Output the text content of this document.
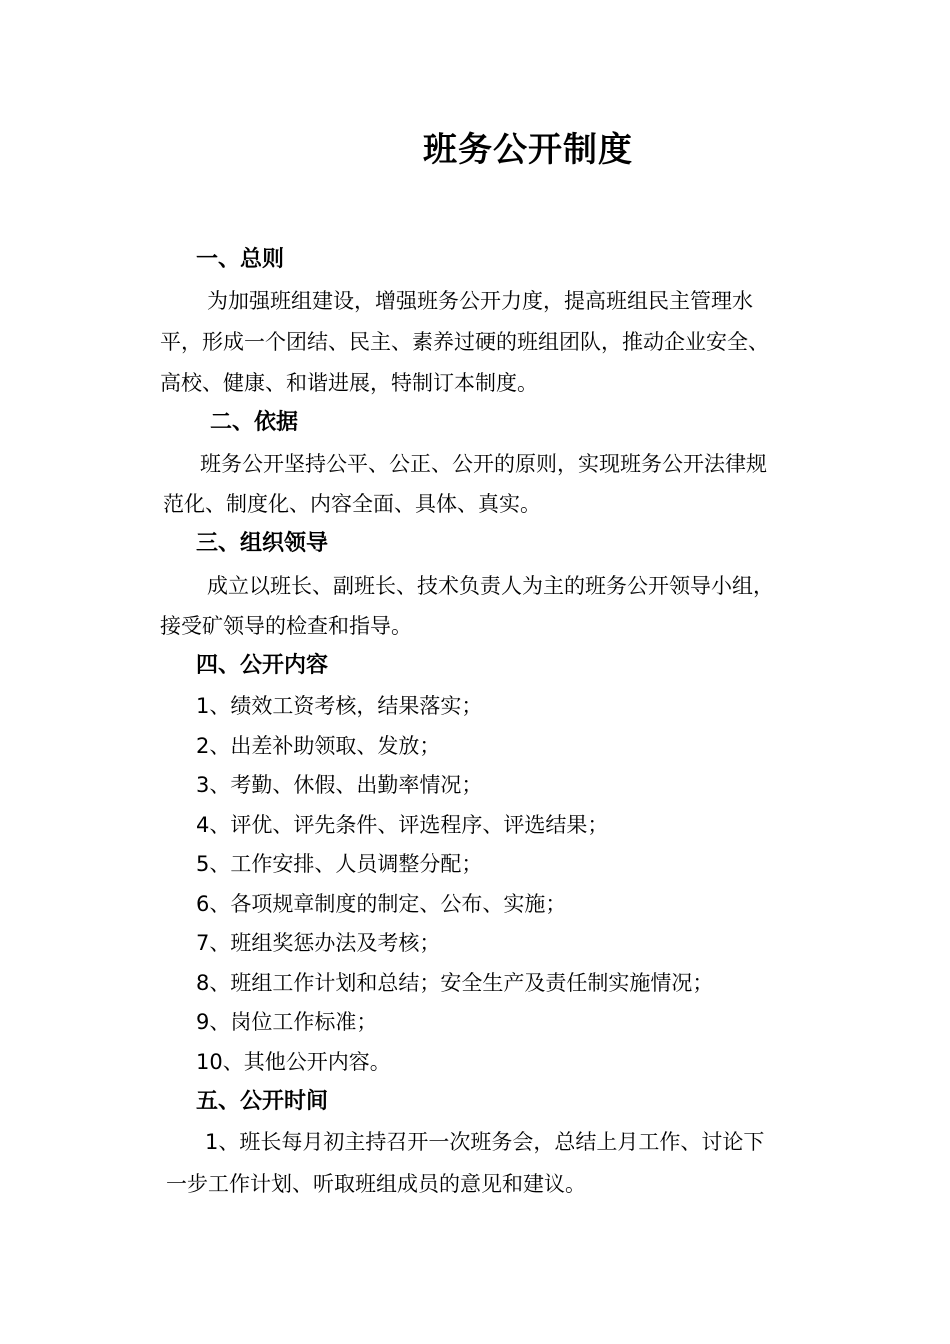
班务公开制度
一、总则
为加强班组建设，增强班务公开力度，提高班组民主管理水
平，形成一个团结、民主、素养过硬的班组团队，推动企业安全、
高校、健康、和谐进展，特制订本制度。
二、依据
班务公开坚持公平、公正、公开的原则，实现班务公开法律规
范化、制度化、内容全面、具体、真实。
三、组织领导
成立以班长、副班长、技术负责人为主的班务公开领导小组，
接受矿领导的检查和指导。
四、公开内容
1、绩效工资考核，结果落实；
2、出差补助领取、发放；
3、考勤、休假、出勤率情况；
4、评优、评先条件、评选程序、评选结果；
5、工作安排、人员调整分配；
6、各项规章制度的制定、公布、实施；
7、班组奖惩办法及考核；
8、班组工作计划和总结；安全生产及责任制实施情况；
9、岗位工作标准；
10、其他公开内容。
五、公开时间
1、班长每月初主持召开一次班务会，总结上月工作、讨论下
一步工作计划、听取班组成员的意见和建议。
